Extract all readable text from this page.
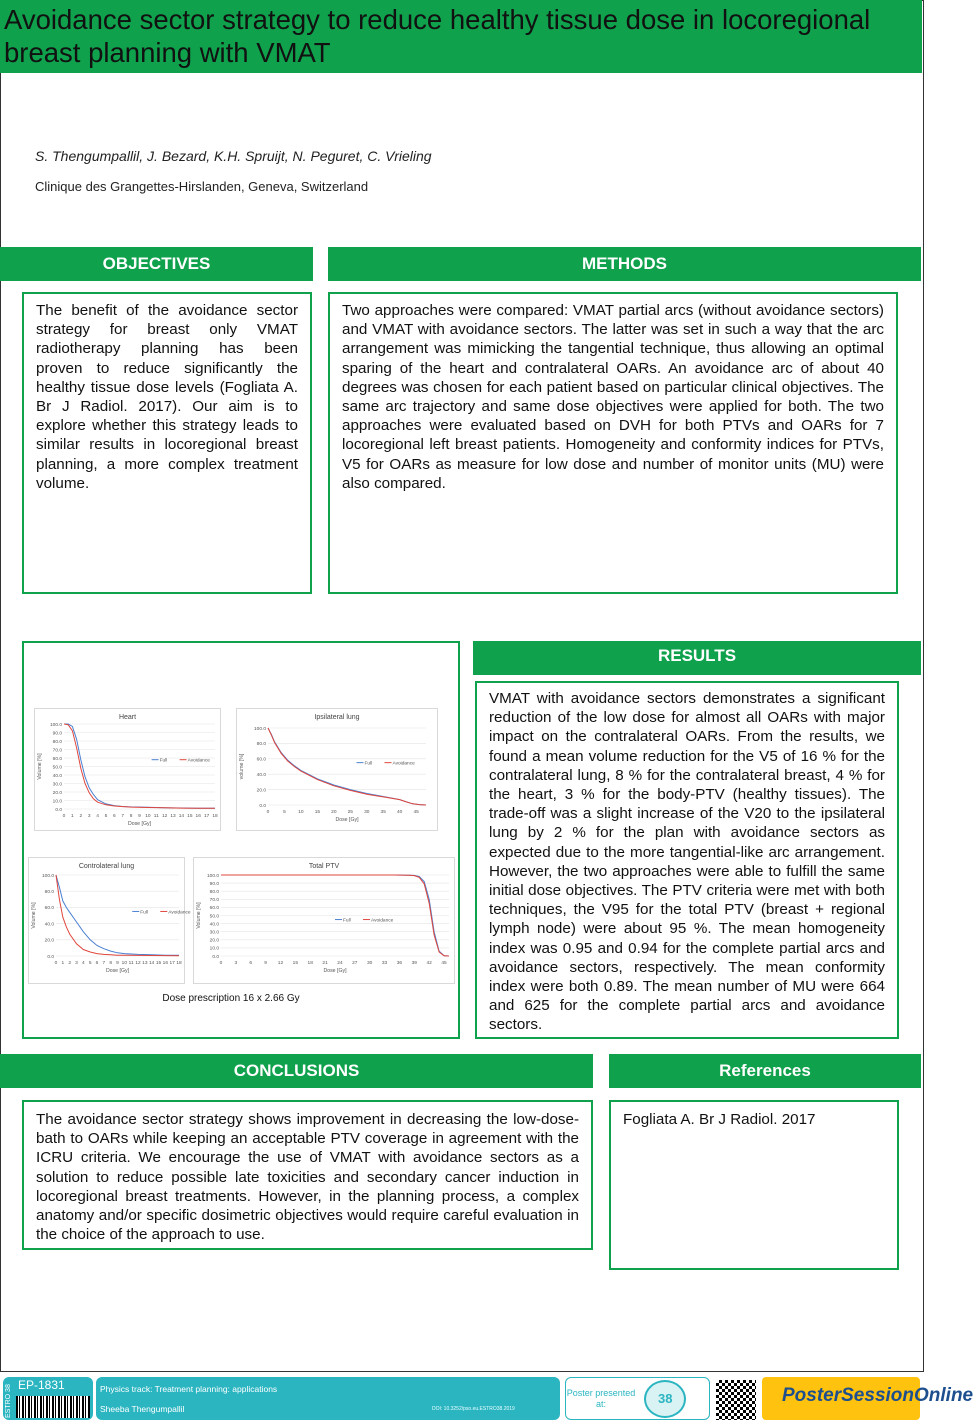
Avoidance sector strategy to reduce healthy tissue dose in locoregional breast planning with VMAT
S. Thengumpallil, J. Bezard, K.H. Spruijt, N. Peguret, C. Vrieling
Clinique des Grangettes-Hirslanden, Geneva, Switzerland
OBJECTIVES

The benefit of the avoidance sector strategy for breast only VMAT radiotherapy planning has been proven to reduce significantly the healthy tissue dose levels (Fogliata A. Br J Radiol. 2017). Our aim is to explore whether this strategy leads to similar results in locoregional breast planning, a more complex treatment volume.

METHODS

Two approaches were compared: VMAT partial arcs (without avoidance sectors) and VMAT with avoidance sectors. The latter was set in such a way that the arc arrangement was mimicking the tangential technique, thus allowing an optimal sparing of the heart and contralateral OARs. An avoidance arc of about 40 degrees was chosen for each patient based on particular clinical objectives. The same arc trajectory and same dose objectives were applied for both. The two approaches were evaluated based on DVH for both PTVs and OARs for 7 locoregional left breast patients. Homogeneity and conformity indices for PTVs, V5 for OARs as measure for low dose and number of monitor units (MU) were also compared.

Heart
0.0
10.0
20.0
30.0
40.0
50.0
60.0
70.0
80.0
90.0
100.0
0 1 2 3 4 5 6 7 8 9 10 11 12 13 14 15 16 17 18
Dose [Gy]
Volume [%]	Full	Avoidance
Ipsilateral lung
0.0
20.0
40.0
60.0
80.0
100.0
0	5	10 15 20 25 30 35 40 45
Dose [Gy]
volume [%]	Full	Avoidance
Controlateral lung
0.0
20.0
40.0
60.0
80.0
100.0
0 1 2 3 4 5 6 7 8 9 10 11 12 13 14 15 16 17 18
Dose [Gy]
Volume [%]	Full	Avoidance
Total PTV
0.0
10.0
20.0
30.0
40.0
50.0
60.0
70.0
80.0
90.0
100.0
0	3	6	9 12 15 18 21 24 27 30 33 36 39 42 45
Dose [Gy]
Volume [%]	Full	Avoidance
Dose prescription 16 x 2.66 Gy
RESULTS

VMAT with avoidance sectors demonstrates a significant reduction of the low dose for almost all OARs with major impact on the contralateral OARs. From the results, we found a mean volume reduction for the V5 of 16 % for the contralateral lung, 8 % for the contralateral breast, 4 % for the heart, 3 % for the body-PTV (healthy tissues). The trade-off was a slight increase of the V20 to the ipsilateral lung by 2 % for the plan with avoidance sectors as expected due to the more tangential-like arc arrangement. However, the two approaches were able to fulfill the same initial dose objectives. The PTV criteria were met with both techniques, the V95 for the total PTV (breast + regional lymph node) were about 95 %. The mean homogeneity index was 0.95 and 0.94 for the complete partial arcs and avoidance sectors, respectively. The mean conformity index were both 0.89. The mean number of MU were 664 and 625 for the complete partial arcs and avoidance sectors.

CONCLUSIONS

The avoidance sector strategy shows improvement in decreasing the low-dose-bath to OARs while keeping an acceptable PTV coverage in agreement with the ICRU criteria. We encourage the use of VMAT with avoidance sectors as a solution to reduce possible late toxicities and secondary cancer induction in locoregional breast treatments. However, in the planning process, a complex anatomy and/or specific dosimetric objectives would require careful evaluation in the choice of the approach to use.

References

Fogliata A. Br J Radiol. 2017

ESTRO 38 EP-1831	Physics track: Treatment planning: applications
Sheeba Thengumpallil	DOI: 10.3252/pso.eu.ESTRO38.2019
Poster presented at:	38	PosterSessionOnline
